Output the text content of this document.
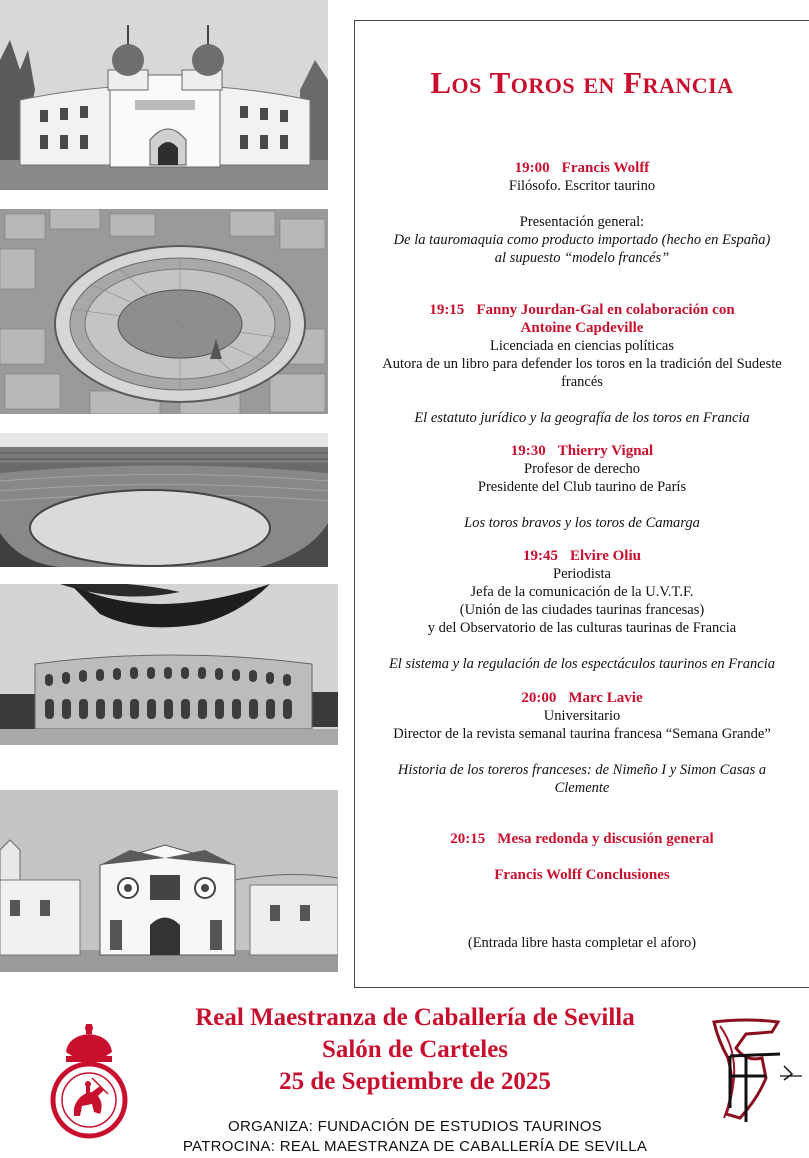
Los Toros en Francia
19:00 Francis Wolff
Filósofo. Escritor taurino
Presentación general:
De la tauromaquia como producto importado (hecho en España)
al supuesto “modelo francés”
19:15 Fanny Jourdan-Gal en colaboración con
Antoine Capdeville
Licenciada en ciencias políticas
Autora de un libro para defender los toros en la tradición del Sudeste
francés
El estatuto jurídico y la geografía de los toros en Francia
19:30 Thierry Vignal
Profesor de derecho
Presidente del Club taurino de París
Los toros bravos y los toros de Camarga
19:45 Elvire Oliu
Periodista
Jefa de la comunicación de la U.V.T.F.
(Unión de las ciudades taurinas francesas)
y del Observatorio de las culturas taurinas de Francia
El sistema y la regulación de los espectáculos taurinos en Francia
20:00 Marc Lavie
Universitario
Director de la revista semanal taurina francesa “Semana Grande”
Historia de los toreros franceses: de Nimeño I y Simon Casas a
Clemente
20:15 Mesa redonda y discusión general
Francis Wolff Conclusiones
(Entrada libre hasta completar el aforo)
Real Maestranza de Caballería de Sevilla
Salón de Carteles
25 de Septiembre de 2025
ORGANIZA: FUNDACIÓN DE ESTUDIOS TAURINOS
PATROCINA: REAL MAESTRANZA DE CABALLERÍA DE SEVILLA
